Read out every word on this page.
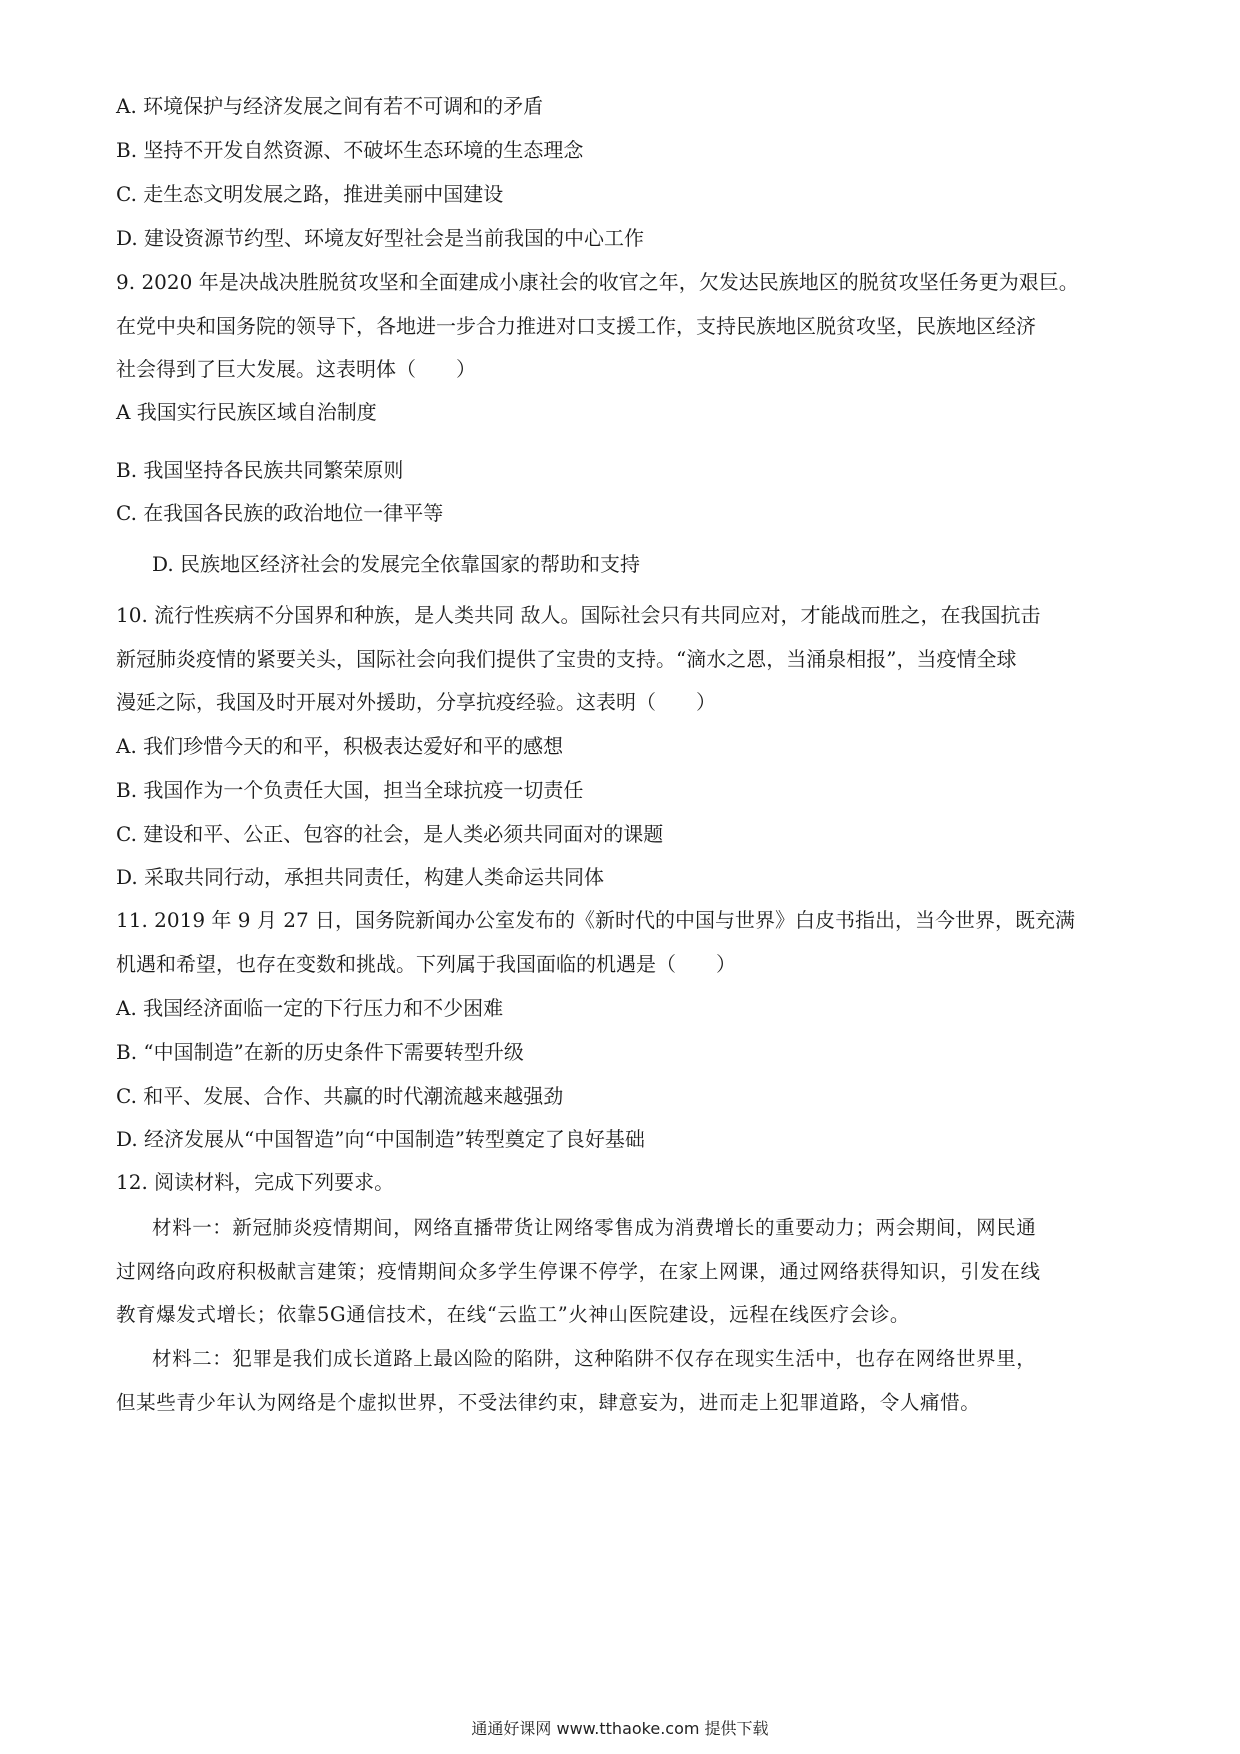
A. 环境保护与经济发展之间有若不可调和的矛盾
B. 坚持不开发自然资源、不破坏生态环境的生态理念
C. 走生态文明发展之路，推进美丽中国建设
D. 建设资源节约型、环境友好型社会是当前我国的中心工作
9. 2020 年是决战决胜脱贫攻坚和全面建成小康社会的收官之年，欠发达民族地区的脱贫攻坚任务更为艰巨。
在党中央和国务院的领导下，各地进一步合力推进对口支援工作，支持民族地区脱贫攻坚，民族地区经济
社会得到了巨大发展。这表明体（　　）
A 我国实行民族区域自治制度
B. 我国坚持各民族共同繁荣原则
C. 在我国各民族的政治地位一律平等
D. 民族地区经济社会的发展完全依靠国家的帮助和支持
10. 流行性疾病不分国界和种族，是人类共同 敌人。国际社会只有共同应对，才能战而胜之，在我国抗击
新冠肺炎疫情的紧要关头，国际社会向我们提供了宝贵的支持。“滴水之恩，当涌泉相报”，当疫情全球
漫延之际，我国及时开展对外援助，分享抗疫经验。这表明（　　）
A. 我们珍惜今天的和平，积极表达爱好和平的感想
B. 我国作为一个负责任大国，担当全球抗疫一切责任
C. 建设和平、公正、包容的社会，是人类必须共同面对的课题
D. 采取共同行动，承担共同责任，构建人类命运共同体
11. 2019 年 9 月 27 日，国务院新闻办公室发布的《新时代的中国与世界》白皮书指出，当今世界，既充满
机遇和希望，也存在变数和挑战。下列属于我国面临的机遇是（　　）
A. 我国经济面临一定的下行压力和不少困难
B. “中国制造”在新的历史条件下需要转型升级
C. 和平、发展、合作、共赢的时代潮流越来越强劲
D. 经济发展从“中国智造”向“中国制造”转型奠定了良好基础
12. 阅读材料，完成下列要求。
材料一：新冠肺炎疫情期间，网络直播带货让网络零售成为消费增长的重要动力；两会期间，网民通
过网络向政府积极献言建策；疫情期间众多学生停课不停学，在家上网课，通过网络获得知识，引发在线
教育爆发式增长；依靠5G通信技术，在线“云监工”火神山医院建设，远程在线医疗会诊。
材料二：犯罪是我们成长道路上最凶险的陷阱，这种陷阱不仅存在现实生活中，也存在网络世界里，
但某些青少年认为网络是个虚拟世界，不受法律约束，肆意妄为，进而走上犯罪道路，令人痛惜。
通通好课网 www.tthaoke.com 提供下载
